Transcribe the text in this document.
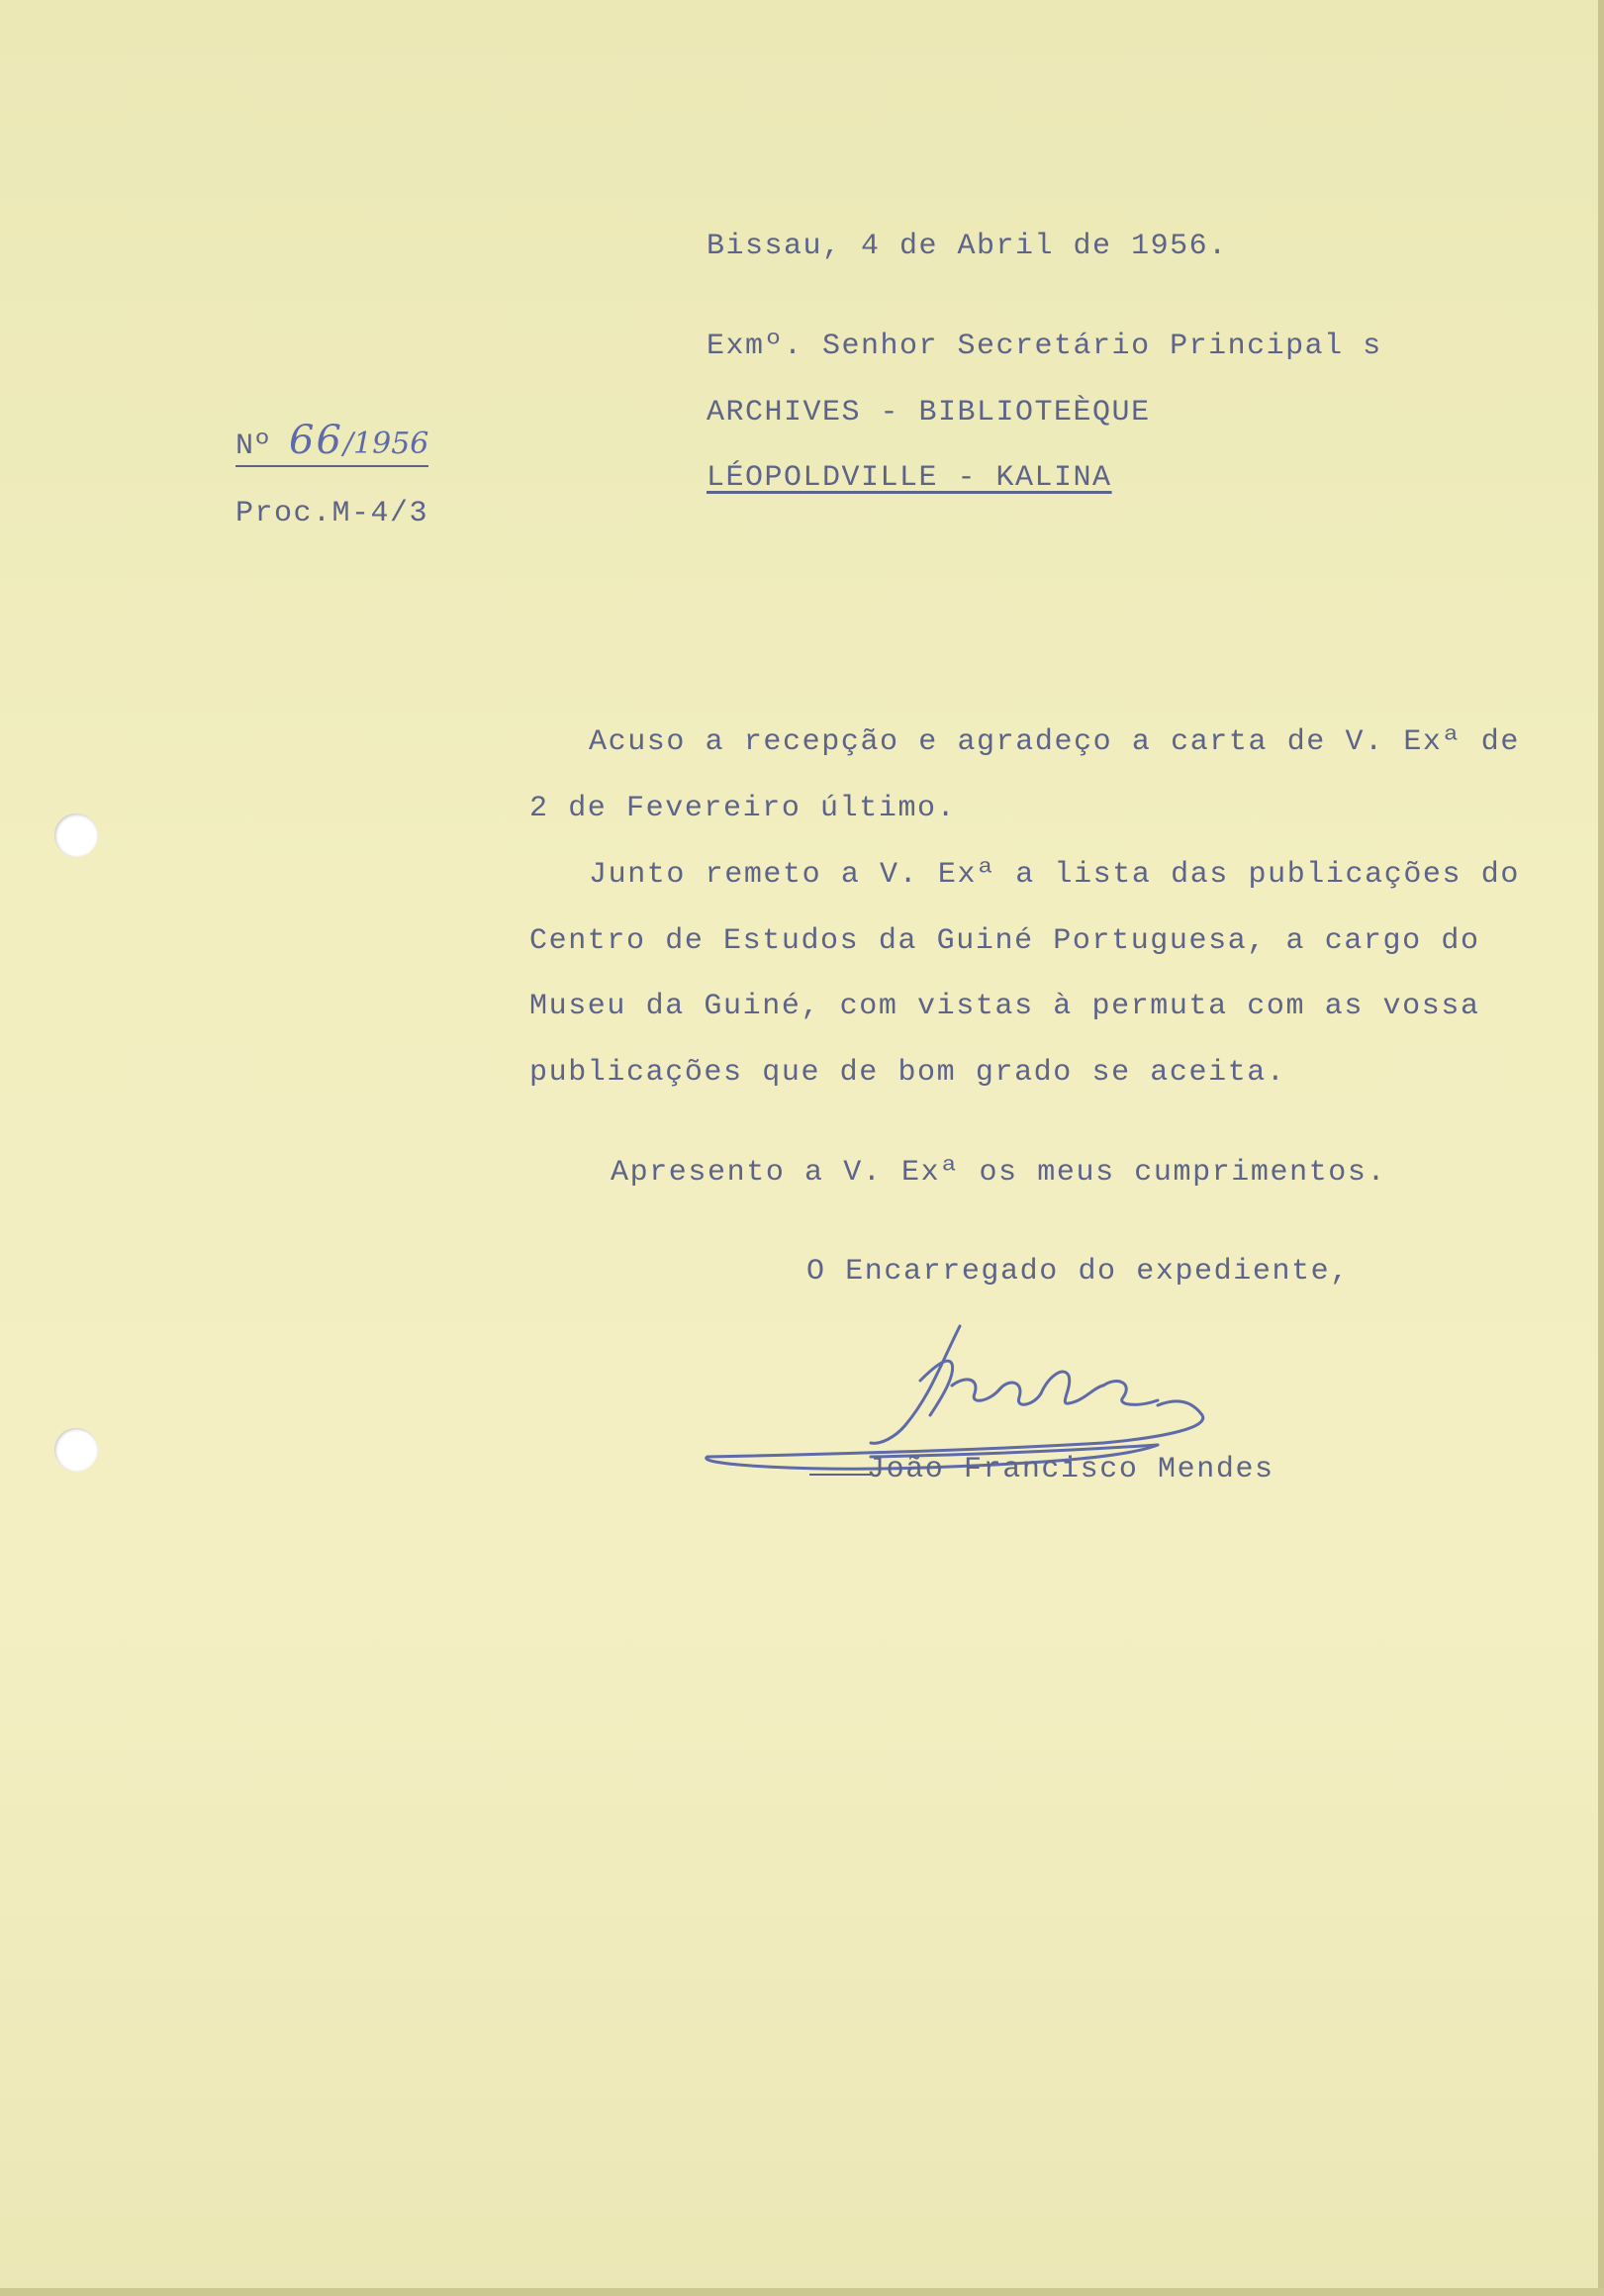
Bissau, 4 de Abril de 1956.
Exmº. Senhor Secretário Principal s
ARCHIVES - BIBLIOTEÈQUE
LÉOPOLDVILLE - KALINA
Nº 66/1956
Proc.M-4/3
Acuso a recepção e agradeço a carta de V. Exª de
2 de Fevereiro último.
Junto remeto a V. Exª a lista das publicações do
Centro de Estudos da Guiné Portuguesa, a cargo do
Museu da Guiné, com vistas à permuta com as vossa
publicações que de bom grado se aceita.
Apresento a V. Exª os meus cumprimentos.
O Encarregado do expediente,
João Francisco Mendes
